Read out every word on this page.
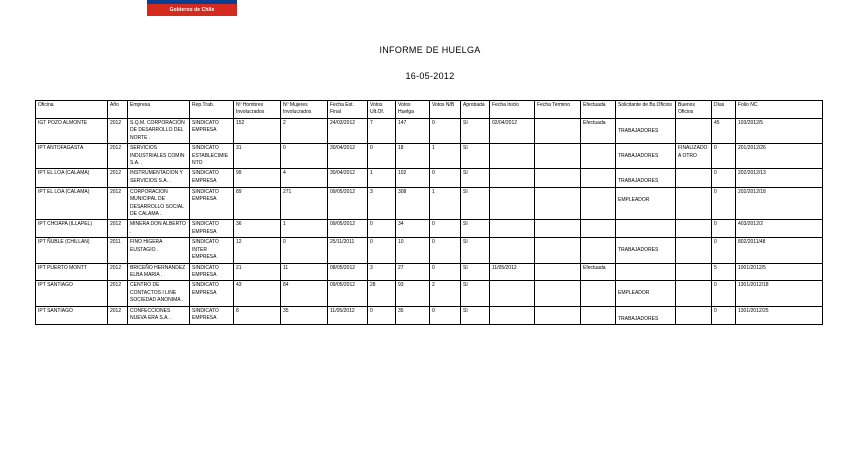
Gobierno de Chile
INFORME DE HUELGA
16-05-2012
Oficina	Año	Empresa	Rep.Trab.	Nº Hombres Involucrados	Nº Mujeres Involucrados	Fecha Est. Final	Votos Ult.Of.	Votos Huelga	Votos N/B	Aprobada	Fecha Inicio	Fecha Termino	Efectuada	Solicitante de Bs.Oficios	Buenos Oficios	Días	Folio NC
IGT POZO ALMONTE	2012	S.Q.M. CORPORACIÓN DE DESARROLLO DEL NORTE .	SINDICATO EMPRESA	152	2	24/03/2012	7	147	0	SI	02/04/2012		Efectuada	TRABAJADORES		45	103/2012/5
IPT ANTOFAGASTA	2012	SERVICIOS INDUSTRIALES COMIN S.A. .	SINDICATO ESTABLECIMIENTO	31	0	30/04/2012	0	18	1	SI				TRABAJADORES	FINALIZADO A OTRO	0	201/2012/26
IPT EL LOA (CALAMA)	2012	INSTRUMENTACION Y SERVICIOS S.A. .	SINDICATO EMPRESA	99	4	30/04/2012	1	102	0	SI				TRABAJADORES		0	202/2012/13
IPT EL LOA (CALAMA)	2012	CORPORACION MUNICIPAL DE DESARROLLO SOCIAL DE CALAMA .	SINDICATO EMPRESA	89	271	09/05/2012	3	308	1	SI				EMPLEADOR		0	202/2012/18
IPT CHOAPA (ILLAPEL)	2012	MINERA DON ALBERTO .	SINDICATO EMPRESA	36	1	09/05/2012	0	34	0	SI						0	403/2012/2
IPT ÑUBLE (CHILLAN)	2011	FINO HIGERA EUSTAGIO .	SINDICATO INTER EMPRESA	12	0	25/11/2011	0	10	0	SI				TRABAJADORES		0	802/2011/48
IPT PUERTO MONTT	2012	BRICEÑO HERNANDEZ ELBA MARIA .	SINDICATO EMPRESA	21	11	08/05/2012	3	27	0	SI	11/05/2012		Efectuada			5	1001/2012/5
IPT SANTIAGO	2012	CENTRO DE CONTACTOS I LINE SOCIEDAD ANONIMA .	SINDICATO EMPRESA	43	84	09/05/2012	28	93	2	SI				EMPLEADOR		0	1301/2012/18
IPT SANTIAGO	2012	CONFECCIONES NUEVA ERA S.A. .	SINDICATO EMPRESA	8	35	11/05/2012	0	35	0	SI				TRABAJADORES		0	1301/2012/25
